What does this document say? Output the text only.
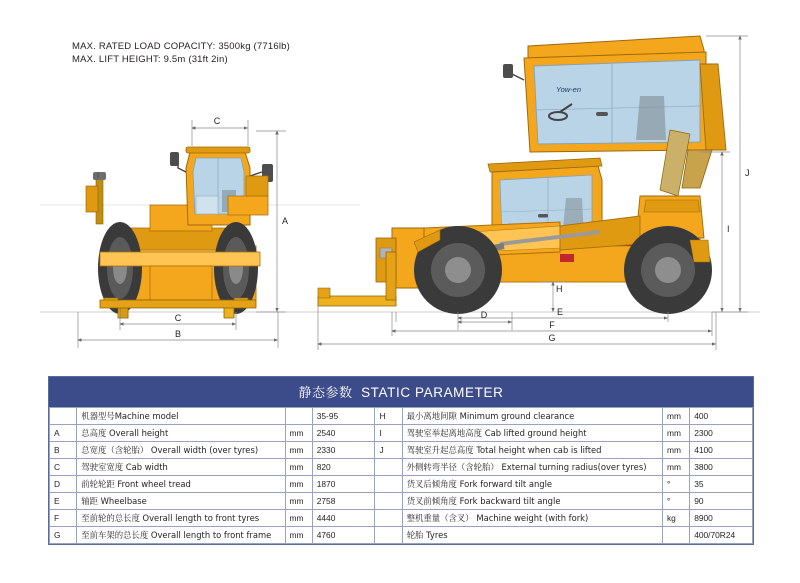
C
A
C
B
Yow-en
J
I
H
D	E
F
G
MAX. RATED LOAD COPACITY: 3500kg (7716lb)
MAX. LIFT HEIGHT: 9.5m (31ft 2in)
静态参数 STATIC PARAMETER
	机器型号Machine model		35-95	H	最小离地间隙 Minimum ground clearance	mm	400
A	总高度 Overall height	mm	2540	I	驾驶室举起离地高度 Cab lifted ground height	mm	2300
B	总宽度（含轮胎） Overall width (over tyres)	mm	2330	J	驾驶室升起总高度 Total height when cab is lifted	mm	4100
C	驾驶室宽度 Cab width	mm	820		外侧转弯半径（含轮胎） External turning radius(over tyres)	mm	3800
D	前轮轮距 Front wheel tread	mm	1870		货叉后倾角度 Fork forward tilt angle	°	35
E	轴距 Wheelbase	mm	2758		货叉前倾角度 Fork backward tilt angle	°	90
F	至前轮的总长度 Overall length to front tyres	mm	4440		整机重量（含叉） Machine weight (with fork)	kg	8900
G	至前车架的总长度 Overall length to front frame	mm	4760		轮胎 Tyres		400/70R24
